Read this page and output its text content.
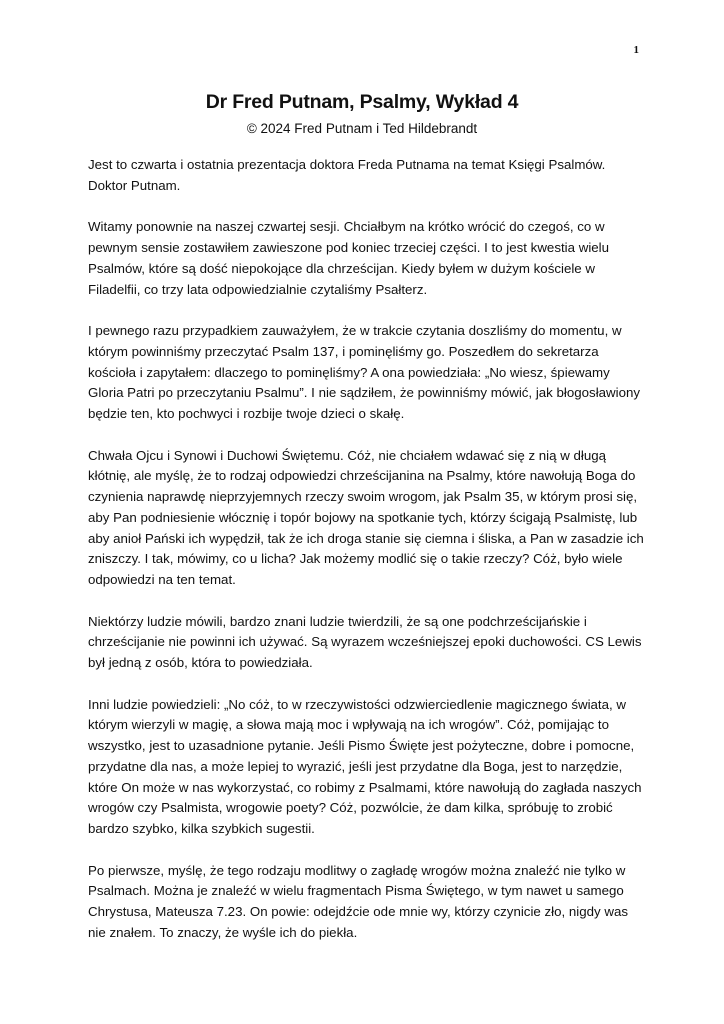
1
Dr Fred Putnam, Psalmy, Wykład 4
© 2024 Fred Putnam i Ted Hildebrandt

Jest to czwarta i ostatnia prezentacja doktora Freda Putnama na temat Księgi Psalmów. Doktor Putnam.

Witamy ponownie na naszej czwartej sesji. Chciałbym na krótko wrócić do czegoś, co w pewnym sensie zostawiłem zawieszone pod koniec trzeciej części. I to jest kwestia wielu Psalmów, które są dość niepokojące dla chrześcijan. Kiedy byłem w dużym kościele w Filadelfii, co trzy lata odpowiedzialnie czytaliśmy Psałterz.

I pewnego razu przypadkiem zauważyłem, że w trakcie czytania doszliśmy do momentu, w którym powinniśmy przeczytać Psalm 137, i pominęliśmy go. Poszedłem do sekretarza kościoła i zapytałem: dlaczego to pominęliśmy? A ona powiedziała: „No wiesz, śpiewamy Gloria Patri po przeczytaniu Psalmu”. I nie sądziłem, że powinniśmy mówić, jak błogosławiony będzie ten, kto pochwyci i rozbije twoje dzieci o skałę.

Chwała Ojcu i Synowi i Duchowi Świętemu. Cóż, nie chciałem wdawać się z nią w długą kłótnię, ale myślę, że to rodzaj odpowiedzi chrześcijanina na Psalmy, które nawołują Boga do czynienia naprawdę nieprzyjemnych rzeczy swoim wrogom, jak Psalm 35, w którym prosi się, aby Pan podniesienie włócznię i topór bojowy na spotkanie tych, którzy ścigają Psalmistę, lub aby anioł Pański ich wypędził, tak że ich droga stanie się ciemna i śliska, a Pan w zasadzie ich zniszczy. I tak, mówimy, co u licha? Jak możemy modlić się o takie rzeczy? Cóż, było wiele odpowiedzi na ten temat.

Niektórzy ludzie mówili, bardzo znani ludzie twierdzili, że są one podchrześcijańskie i chrześcijanie nie powinni ich używać. Są wyrazem wcześniejszej epoki duchowości. CS Lewis był jedną z osób, która to powiedziała.

Inni ludzie powiedzieli: „No cóż, to w rzeczywistości odzwierciedlenie magicznego świata, w którym wierzyli w magię, a słowa mają moc i wpływają na ich wrogów”. Cóż, pomijając to wszystko, jest to uzasadnione pytanie. Jeśli Pismo Święte jest pożyteczne, dobre i pomocne, przydatne dla nas, a może lepiej to wyrazić, jeśli jest przydatne dla Boga, jest to narzędzie, które On może w nas wykorzystać, co robimy z Psalmami, które nawołują do zagłada naszych wrogów czy Psalmista, wrogowie poety? Cóż, pozwólcie, że dam kilka, spróbuję to zrobić bardzo szybko, kilka szybkich sugestii.

Po pierwsze, myślę, że tego rodzaju modlitwy o zagładę wrogów można znaleźć nie tylko w Psalmach. Można je znaleźć w wielu fragmentach Pisma Świętego, w tym nawet u samego Chrystusa, Mateusza 7.23. On powie: odejdźcie ode mnie wy, którzy czynicie zło, nigdy was nie znałem. To znaczy, że wyśle ich do piekła.
